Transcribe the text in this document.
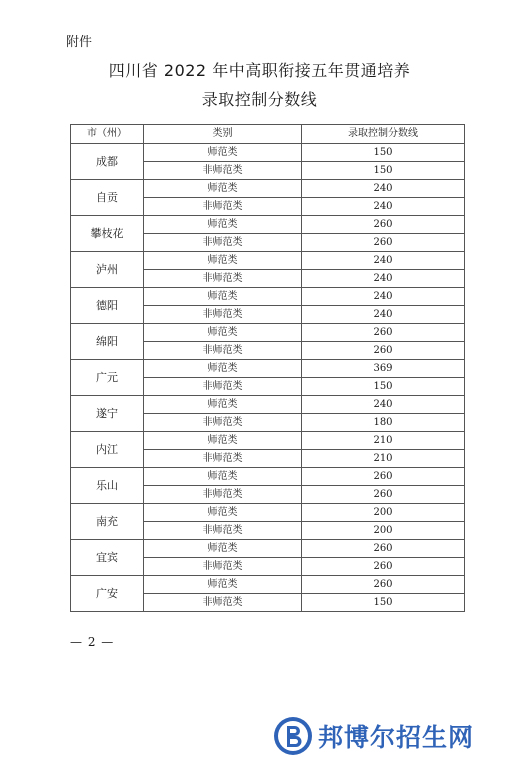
附件
四川省 2022 年中高职衔接五年贯通培养
录取控制分数线
市（州）	类别	录取控制分数线
成都	师范类	150
	非师范类	150
自贡	师范类	240
	非师范类	240
攀枝花	师范类	260
	非师范类	260
泸州	师范类	240
	非师范类	240
德阳	师范类	240
	非师范类	240
绵阳	师范类	260
	非师范类	260
广元	师范类	369
	非师范类	150
遂宁	师范类	240
	非师范类	180
内江	师范类	210
	非师范类	210
乐山	师范类	260
	非师范类	260
南充	师范类	200
	非师范类	200
宜宾	师范类	260
	非师范类	260
广安	师范类	260
	非师范类	150
— 2 —
邦博尔招生网
